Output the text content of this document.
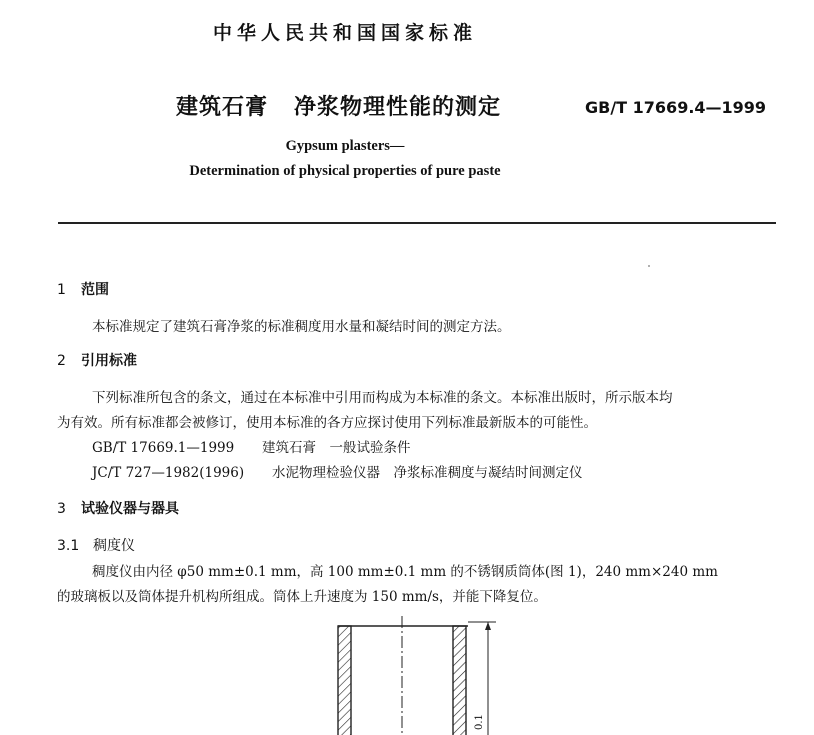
中华人民共和国国家标准
建筑石膏 净浆物理性能的测定	GB/T 17669.4—1999
Gypsum plasters—
Determination of physical properties of pure paste
1 范围
本标准规定了建筑石膏净浆的标准稠度用水量和凝结时间的测定方法。
2 引用标准
下列标准所包含的条文，通过在本标准中引用而构成为本标准的条文。本标准出版时，所示版本均
为有效。所有标准都会被修订，使用本标准的各方应探讨使用下列标准最新版本的可能性。
GB/T 17669.1—1999 建筑石膏　一般试验条件
JC/T 727—1982(1996) 水泥物理检验仪器　净浆标准稠度与凝结时间测定仪
3 试验仪器与器具
3.1 稠度仪
稠度仪由内径 φ50 mm±0.1 mm，高 100 mm±0.1 mm 的不锈钢质筒体(图 1)，240 mm×240 mm
的玻璃板以及筒体提升机构所组成。筒体上升速度为 150 mm/s，并能下降复位。
0.1
